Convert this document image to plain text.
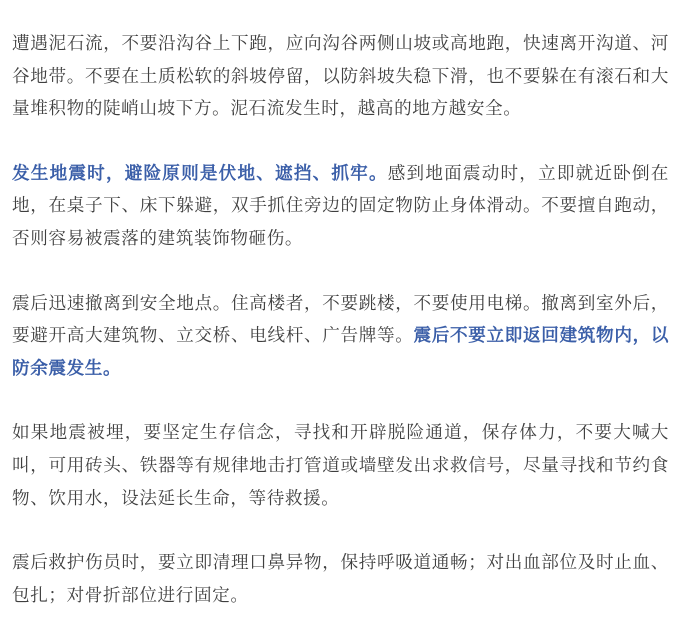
遭遇泥石流，不要沿沟谷上下跑，应向沟谷两侧山坡或高地跑，快速离开沟道、河谷地带。不要在土质松软的斜坡停留，以防斜坡失稳下滑，也不要躲在有滚石和大量堆积物的陡峭山坡下方。泥石流发生时，越高的地方越安全。

发生地震时，避险原则是伏地、遮挡、抓牢。感到地面震动时，立即就近卧倒在地，在桌子下、床下躲避，双手抓住旁边的固定物防止身体滑动。不要擅自跑动，否则容易被震落的建筑装饰物砸伤。

震后迅速撤离到安全地点。住高楼者，不要跳楼，不要使用电梯。撤离到室外后，要避开高大建筑物、立交桥、电线杆、广告牌等。震后不要立即返回建筑物内，以防余震发生。

如果地震被埋，要坚定生存信念，寻找和开辟脱险通道，保存体力，不要大喊大叫，可用砖头、铁器等有规律地击打管道或墙壁发出求救信号，尽量寻找和节约食物、饮用水，设法延长生命，等待救援。

震后救护伤员时，要立即清理口鼻异物，保持呼吸道通畅；对出血部位及时止血、包扎；对骨折部位进行固定。
